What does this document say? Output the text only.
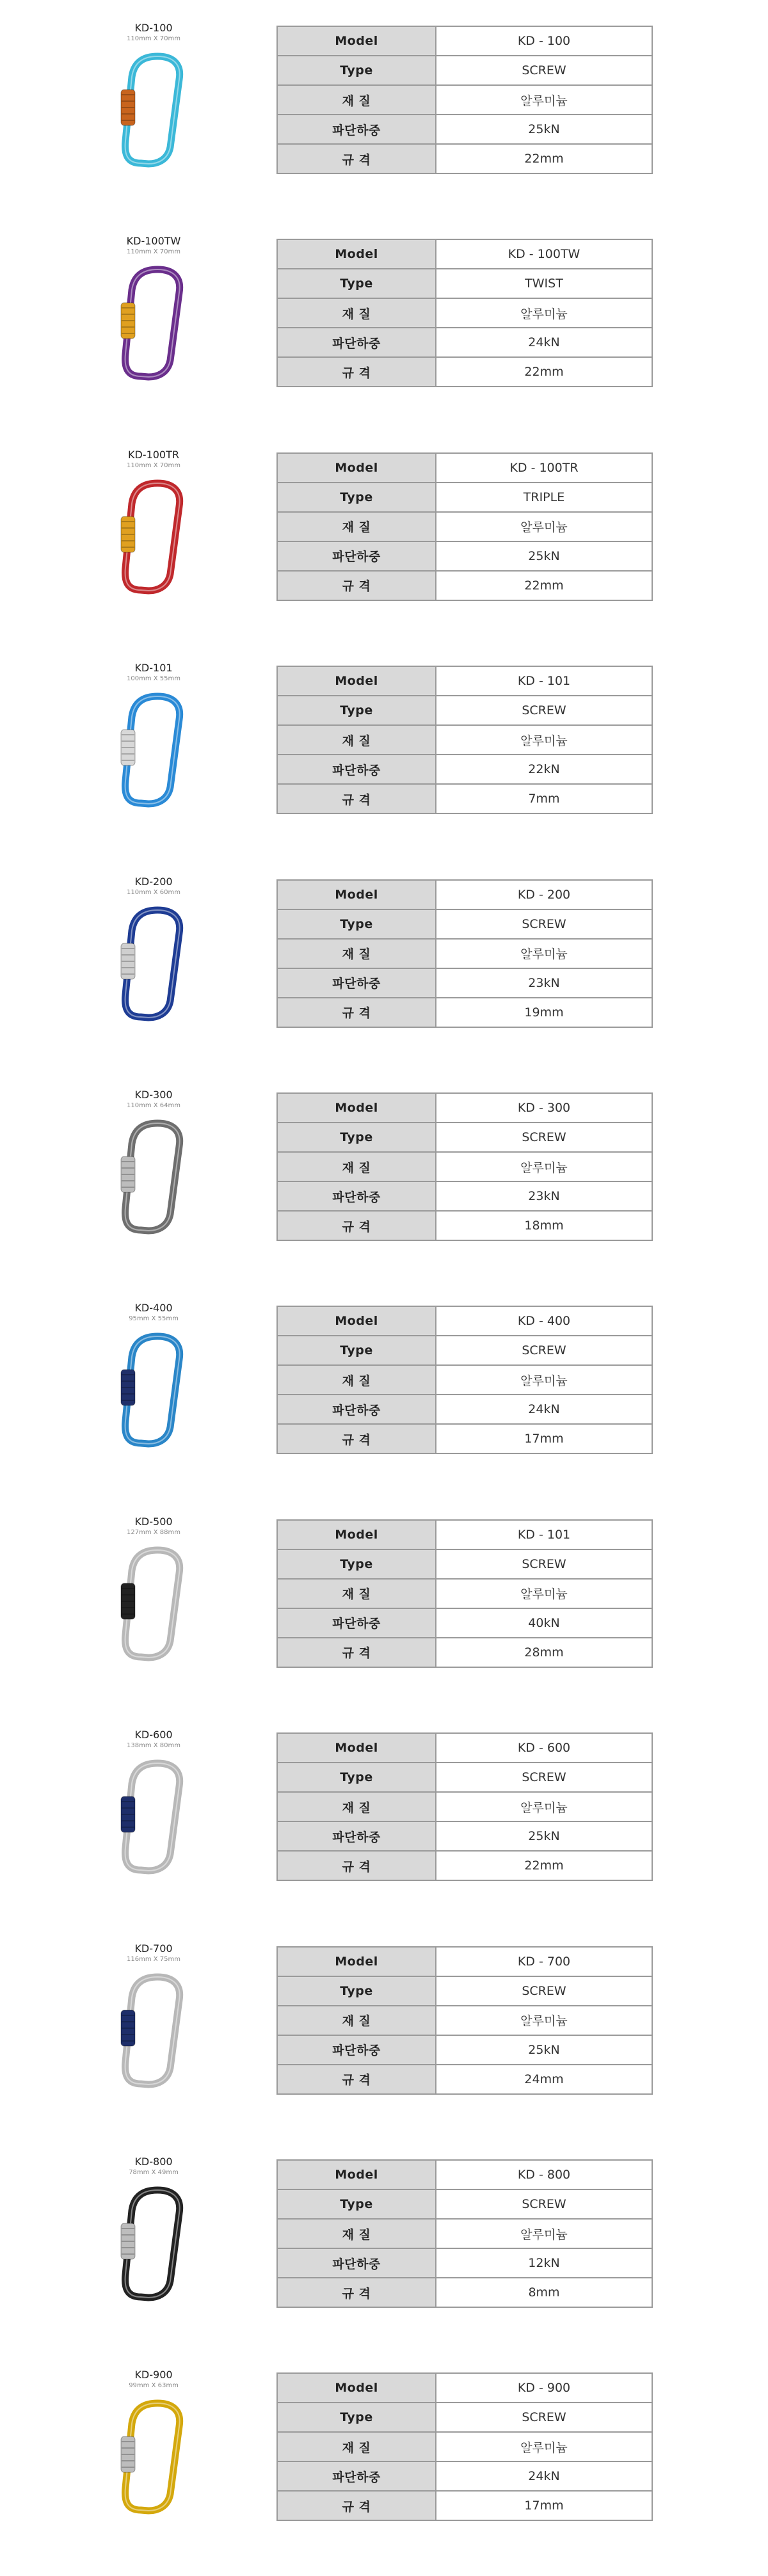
KD-100
110mm X 70mm	Model	KD - 100
Type	SCREW
재 질	알루미늄
파단하중	25kN
규 격	22mm
KD-100TW
110mm X 70mm	Model	KD - 100TW
Type	TWIST
재 질	알루미늄
파단하중	24kN
규 격	22mm
KD-100TR
110mm X 70mm	Model	KD - 100TR
Type	TRIPLE
재 질	알루미늄
파단하중	25kN
규 격	22mm
KD-101
100mm X 55mm	Model	KD - 101
Type	SCREW
재 질	알루미늄
파단하중	22kN
규 격	7mm
KD-200
110mm X 60mm	Model	KD - 200
Type	SCREW
재 질	알루미늄
파단하중	23kN
규 격	19mm
KD-300
110mm X 64mm	Model	KD - 300
Type	SCREW
재 질	알루미늄
파단하중	23kN
규 격	18mm
KD-400
95mm X 55mm	Model	KD - 400
Type	SCREW
재 질	알루미늄
파단하중	24kN
규 격	17mm
KD-500
127mm X 88mm	Model	KD - 101
Type	SCREW
재 질	알루미늄
파단하중	40kN
규 격	28mm
KD-600
138mm X 80mm	Model	KD - 600
Type	SCREW
재 질	알루미늄
파단하중	25kN
규 격	22mm
KD-700
116mm X 75mm	Model	KD - 700
Type	SCREW
재 질	알루미늄
파단하중	25kN
규 격	24mm
KD-800
78mm X 49mm	Model	KD - 800
Type	SCREW
재 질	알루미늄
파단하중	12kN
규 격	8mm
KD-900
99mm X 63mm	Model	KD - 900
Type	SCREW
재 질	알루미늄
파단하중	24kN
규 격	17mm
